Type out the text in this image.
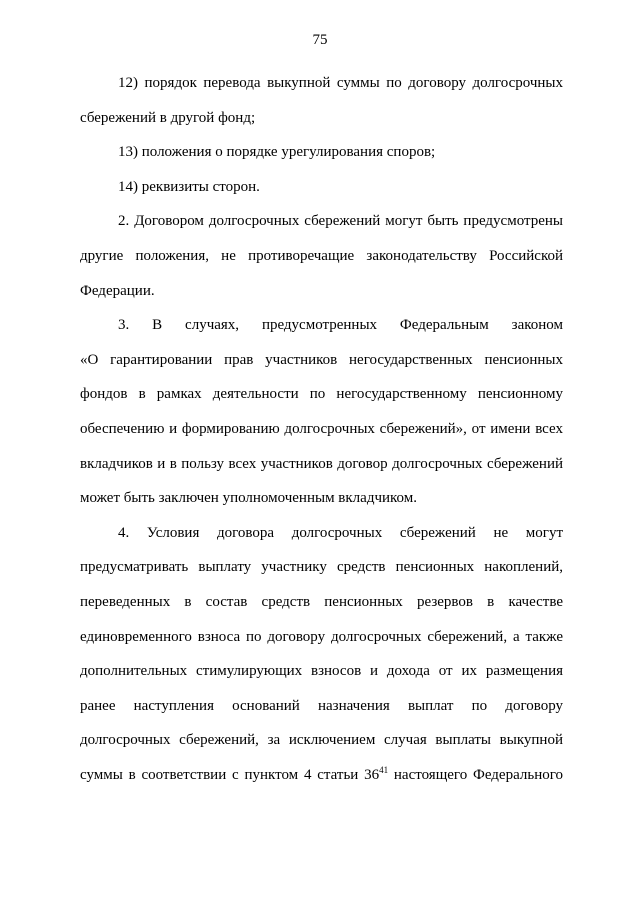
75
12) порядок перевода выкупной суммы по договору долгосрочных
сбережений в другой фонд;
13) положения о порядке урегулирования споров;
14) реквизиты сторон.
2. Договором долгосрочных сбережений могут быть предусмотрены
другие положения, не противоречащие законодательству Российской
Федерации.
3. В случаях, предусмотренных Федеральным законом
«О гарантировании прав участников негосударственных пенсионных
фондов в рамках деятельности по негосударственному пенсионному
обеспечению и формированию долгосрочных сбережений», от имени всех
вкладчиков и в пользу всех участников договор долгосрочных сбережений
может быть заключен уполномоченным вкладчиком.
4. Условия договора долгосрочных сбережений не могут
предусматривать выплату участнику средств пенсионных накоплений,
переведенных в состав средств пенсионных резервов в качестве
единовременного взноса по договору долгосрочных сбережений, а также
дополнительных стимулирующих взносов и дохода от их размещения
ранее наступления оснований назначения выплат по договору
долгосрочных сбережений, за исключением случая выплаты выкупной
суммы в соответствии с пунктом 4 статьи $36^{41}$ настоящего Федерального
